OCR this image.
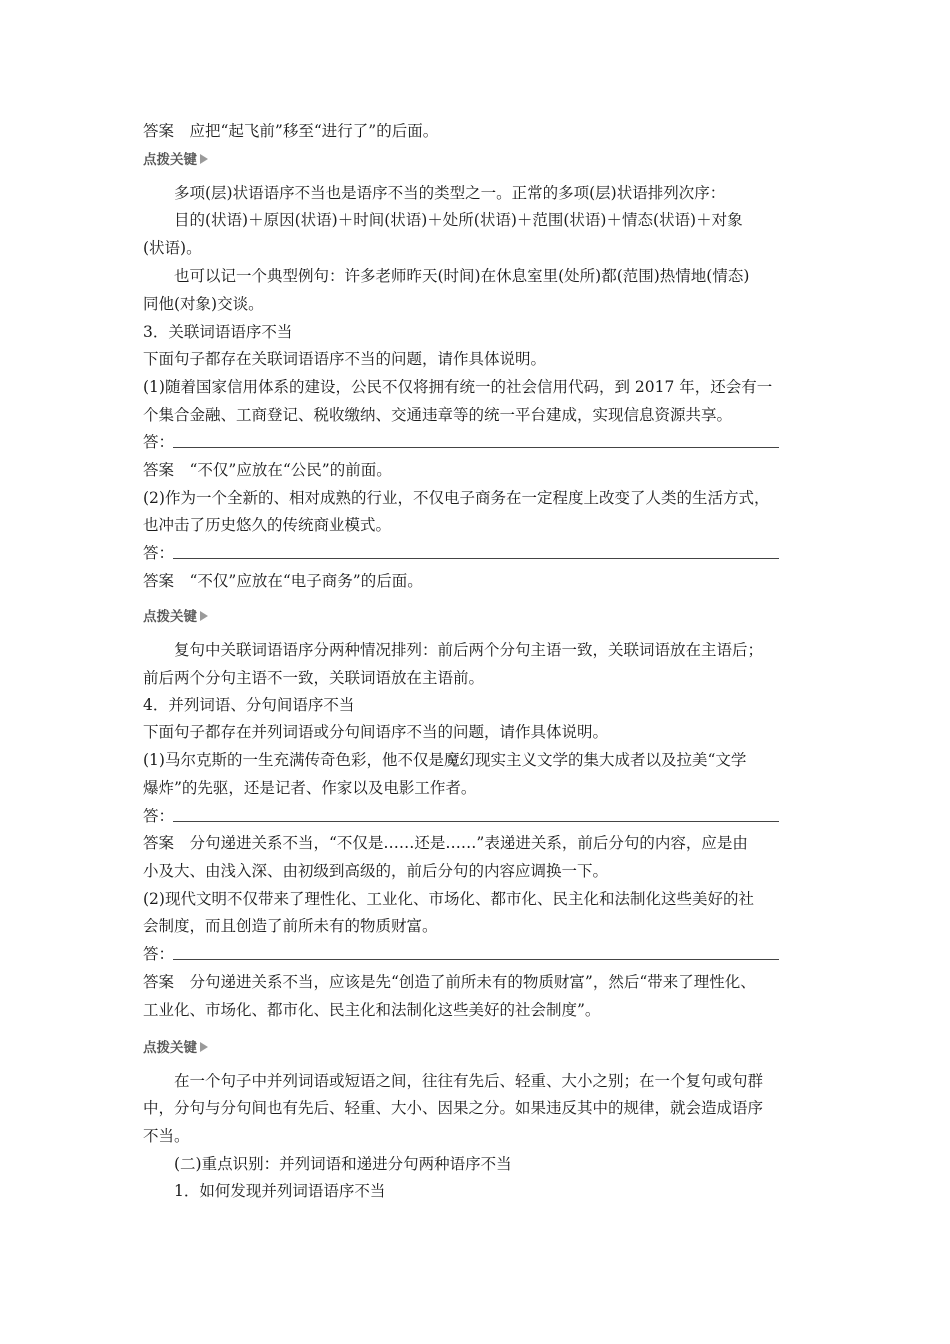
答案　应把“起飞前”移至“进行了”的后面。
点拨关键
多项(层)状语语序不当也是语序不当的类型之一。正常的多项(层)状语排列次序：
目的(状语)＋原因(状语)＋时间(状语)＋处所(状语)＋范围(状语)＋情态(状语)＋对象
(状语)。
也可以记一个典型例句：许多老师昨天(时间)在休息室里(处所)都(范围)热情地(情态)
同他(对象)交谈。
3．关联词语语序不当
下面句子都存在关联词语语序不当的问题，请作具体说明。
(1)随着国家信用体系的建设，公民不仅将拥有统一的社会信用代码，到 2017 年，还会有一
个集合金融、工商登记、税收缴纳、交通违章等的统一平台建成，实现信息资源共享。
答：
答案　“不仅”应放在“公民”的前面。
(2)作为一个全新的、相对成熟的行业，不仅电子商务在一定程度上改变了人类的生活方式，
也冲击了历史悠久的传统商业模式。
答：
答案　“不仅”应放在“电子商务”的后面。
点拨关键
复句中关联词语语序分两种情况排列：前后两个分句主语一致，关联词语放在主语后；
前后两个分句主语不一致，关联词语放在主语前。
4．并列词语、分句间语序不当
下面句子都存在并列词语或分句间语序不当的问题，请作具体说明。
(1)马尔克斯的一生充满传奇色彩，他不仅是魔幻现实主义文学的集大成者以及拉美“文学
爆炸”的先驱，还是记者、作家以及电影工作者。
答：
答案　分句递进关系不当，“不仅是……还是……”表递进关系，前后分句的内容，应是由
小及大、由浅入深、由初级到高级的，前后分句的内容应调换一下。
(2)现代文明不仅带来了理性化、工业化、市场化、都市化、民主化和法制化这些美好的社
会制度，而且创造了前所未有的物质财富。
答：
答案　分句递进关系不当，应该是先“创造了前所未有的物质财富”，然后“带来了理性化、
工业化、市场化、都市化、民主化和法制化这些美好的社会制度”。
点拨关键
在一个句子中并列词语或短语之间，往往有先后、轻重、大小之别；在一个复句或句群
中，分句与分句间也有先后、轻重、大小、因果之分。如果违反其中的规律，就会造成语序
不当。
(二)重点识别：并列词语和递进分句两种语序不当
1．如何发现并列词语语序不当
